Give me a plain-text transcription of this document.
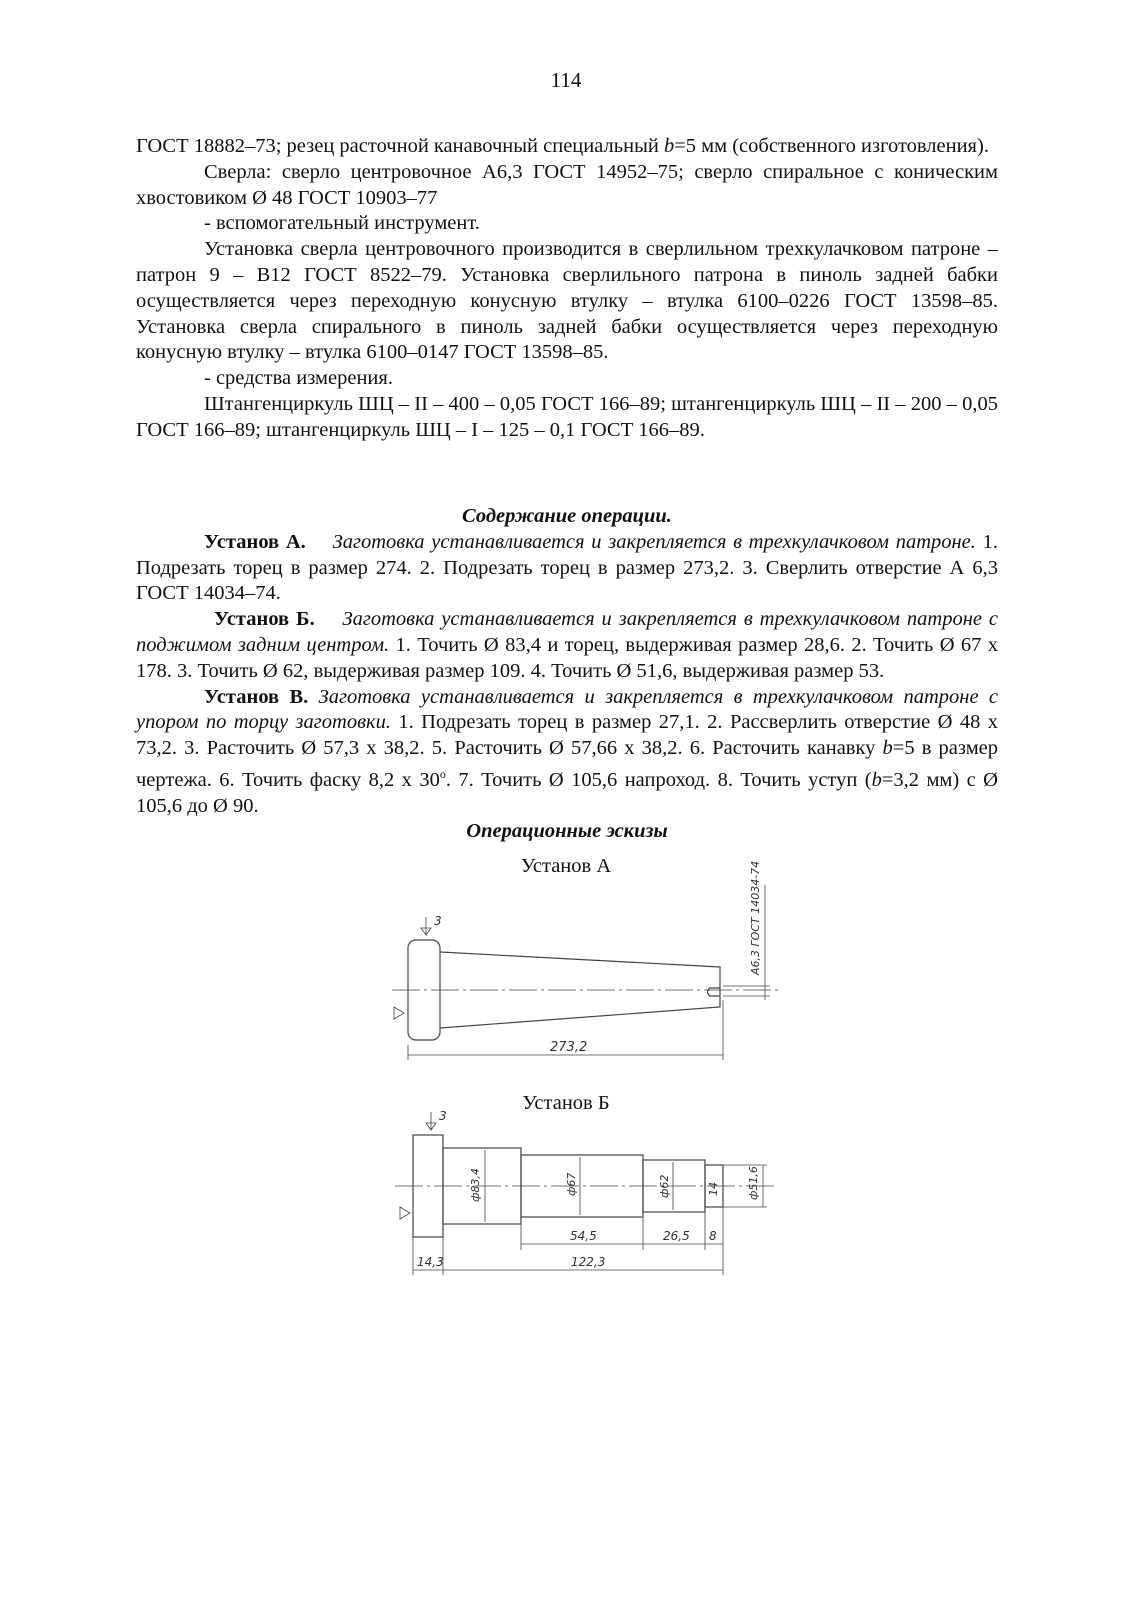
114

ГОСТ 18882–73; резец расточной канавочный специальный b=5 мм (собственного изготовления).

Сверла: сверло центровочное А6,3 ГОСТ 14952–75; сверло спиральное с коническим хвостовиком Ø 48 ГОСТ 10903–77

- вспомогательный инструмент.

Установка сверла центровочного производится в сверлильном трехкулачковом патроне – патрон 9 – В12 ГОСТ 8522–79. Установка сверлильного патрона в пиноль задней бабки осуществляется через переходную конусную втулку – втулка 6100–0226 ГОСТ 13598–85. Установка сверла спирального в пиноль задней бабки осуществляется через переходную конусную втулку – втулка 6100–0147 ГОСТ 13598–85.

- средства измерения.

Штангенциркуль ШЦ – II – 400 – 0,05 ГОСТ 166–89; штангенциркуль ШЦ – II – 200 – 0,05 ГОСТ 166–89; штангенциркуль ШЦ – I – 125 – 0,1 ГОСТ 166–89.

Содержание операции.

Установ А. Заготовка устанавливается и закрепляется в трехкулачковом патроне. 1. Подрезать торец в размер 274. 2. Подрезать торец в размер 273,2. 3. Сверлить отверстие А 6,3 ГОСТ 14034–74.

Установ Б. Заготовка устанавливается и закрепляется в трехкулачковом патроне с поджимом задним центром. 1. Точить Ø 83,4 и торец, выдерживая размер 28,6. 2. Точить Ø 67 х 178. 3. Точить Ø 62, выдерживая размер 109. 4. Точить Ø 51,6, выдерживая размер 53.

Установ В. Заготовка устанавливается и закрепляется в трехкулачковом патроне с упором по торцу заготовки. 1. Подрезать торец в размер 27,1. 2. Рассверлить отверстие Ø 48 х 73,2. 3. Расточить Ø 57,3 х 38,2. 5. Расточить Ø 57,66 х 38,2. 6. Расточить канавку b=5 в размер чертежа. 6. Точить фаску 8,2 х $30^о$. 7. Точить Ø 105,6 напроход. 8. Точить уступ (b=3,2 мм) с Ø 105,6 до Ø 90.

Операционные эскизы

Установ А
3
273,2
А6,3 ГОСТ 14034-74
Установ Б
3
ф83,4	ф67	ф62	14 ф51,6
54,5	26,5 8
14,3	122,3
